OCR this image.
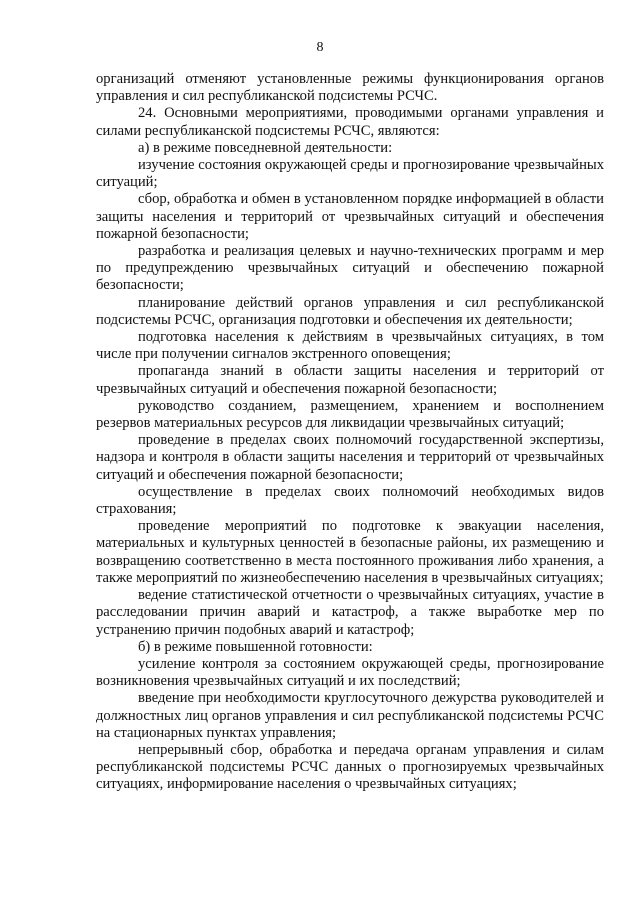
8

организаций отменяют установленные режимы функционирования органов управления и сил республиканской подсистемы РСЧС.

24. Основными мероприятиями, проводимыми органами управления и силами республиканской подсистемы РСЧС, являются:

а) в режиме повседневной деятельности:

изучение состояния окружающей среды и прогнозирование чрезвычайных ситуаций;

сбор, обработка и обмен в установленном порядке информацией в области защиты населения и территорий от чрезвычайных ситуаций и обеспечения пожарной безопасности;

разработка и реализация целевых и научно-технических программ и мер по предупреждению чрезвычайных ситуаций и обеспечению пожарной безопасности;

планирование действий органов управления и сил республиканской подсистемы РСЧС, организация подготовки и обеспечения их деятельности;

подготовка населения к действиям в чрезвычайных ситуациях, в том числе при получении сигналов экстренного оповещения;

пропаганда знаний в области защиты населения и территорий от чрезвычайных ситуаций и обеспечения пожарной безопасности;

руководство созданием, размещением, хранением и восполнением резервов материальных ресурсов для ликвидации чрезвычайных ситуаций;

проведение в пределах своих полномочий государственной экспертизы, надзора и контроля в области защиты населения и территорий от чрезвычайных ситуаций и обеспечения пожарной безопасности;

осуществление в пределах своих полномочий необходимых видов страхования;

проведение мероприятий по подготовке к эвакуации населения, материальных и культурных ценностей в безопасные районы, их размещению и возвращению соответственно в места постоянного проживания либо хранения, а также мероприятий по жизнеобеспечению населения в чрезвычайных ситуациях;

ведение статистической отчетности о чрезвычайных ситуациях, участие в расследовании причин аварий и катастроф, а также выработке мер по устранению причин подобных аварий и катастроф;

б) в режиме повышенной готовности:

усиление контроля за состоянием окружающей среды, прогнозирование возникновения чрезвычайных ситуаций и их последствий;

введение при необходимости круглосуточного дежурства руководителей и должностных лиц органов управления и сил республиканской подсистемы РСЧС на стационарных пунктах управления;

непрерывный сбор, обработка и передача органам управления и силам республиканской подсистемы РСЧС данных о прогнозируемых чрезвычайных ситуациях, информирование населения о чрезвычайных ситуациях;
